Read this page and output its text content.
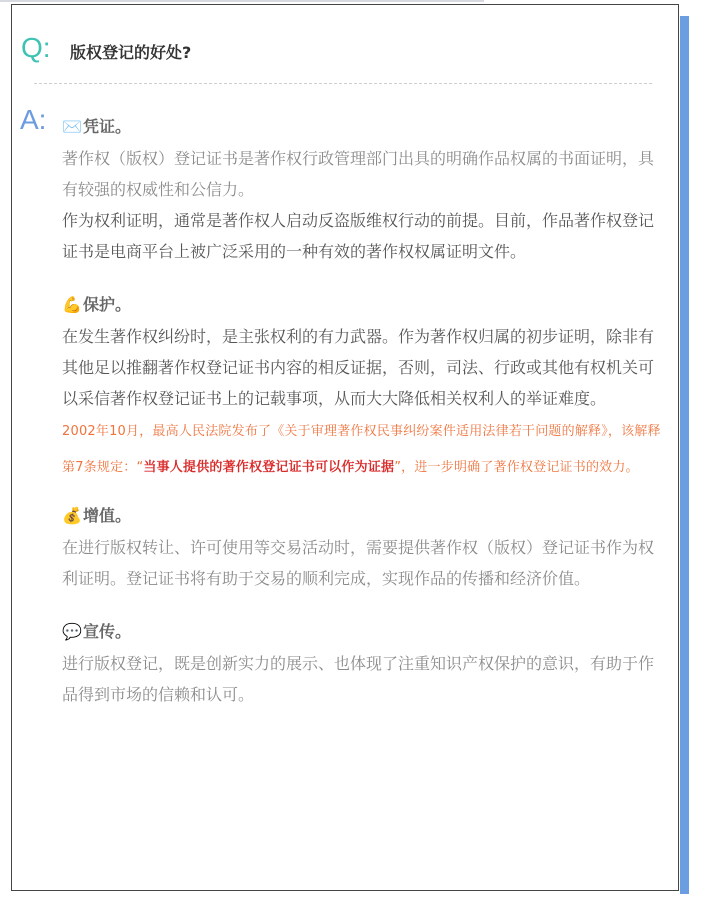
Q: 版权登记的好处?
A: ✉️凭证。

著作权（版权）登记证书是著作权行政管理部门出具的明确作品权属的书面证明，具有较强的权威性和公信力。

作为权利证明，通常是著作权人启动反盗版维权行动的前提。目前，作品著作权登记证书是电商平台上被广泛采用的一种有效的著作权权属证明文件。

💪保护。

在发生著作权纠纷时，是主张权利的有力武器。作为著作权归属的初步证明，除非有其他足以推翻著作权登记证书内容的相反证据，否则，司法、行政或其他有权机关可以采信著作权登记证书上的记载事项，从而大大降低相关权利人的举证难度。

2002年10月，最高人民法院发布了《关于审理著作权民事纠纷案件适用法律若干问题的解释》，该解释第7条规定：“当事人提供的著作权登记证书可以作为证据”，进一步明确了著作权登记证书的效力。

💰增值。

在进行版权转让、许可使用等交易活动时，需要提供著作权（版权）登记证书作为权利证明。登记证书将有助于交易的顺利完成，实现作品的传播和经济价值。

💬宣传。

进行版权登记，既是创新实力的展示、也体现了注重知识产权保护的意识，有助于作品得到市场的信赖和认可。
